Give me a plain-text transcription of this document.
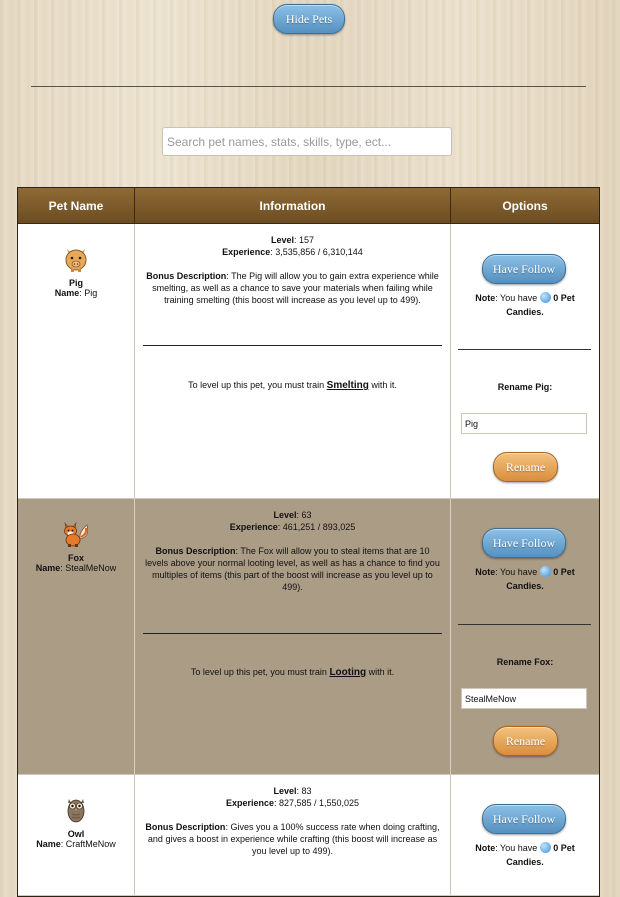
Hide Pets
Search pet names, stats, skills, type, ect...
Pet Name	Information	Options
Pig
Name: Pig
Level: 157
Experience: 3,535,856 / 6,310,144
Bonus Description: The Pig will allow you to gain extra experience while smelting, as well as a chance to save your materials when failing while training smelting (this boost will increase as you level up to 499).
To level up this pet, you must train Smelting with it.
Have Follow
Note: You have 0 Pet Candies.
Rename Pig:
Pig
Rename
Fox
Name: StealMeNow
Level: 63
Experience: 461,251 / 893,025
Bonus Description: The Fox will allow you to steal items that are 10 levels above your normal looting level, as well as has a chance to find you multiples of items (this part of the boost will increase as you level up to 499).
To level up this pet, you must train Looting with it.
Have Follow
Note: You have 0 Pet Candies.
Rename Fox:
StealMeNow
Rename
Owl
Name: CraftMeNow
Level: 83
Experience: 827,585 / 1,550,025
Bonus Description: Gives you a 100% success rate when doing crafting, and gives a boost in experience while crafting (this boost will increase as you level up to 499).
Have Follow
Note: You have 0 Pet Candies.
